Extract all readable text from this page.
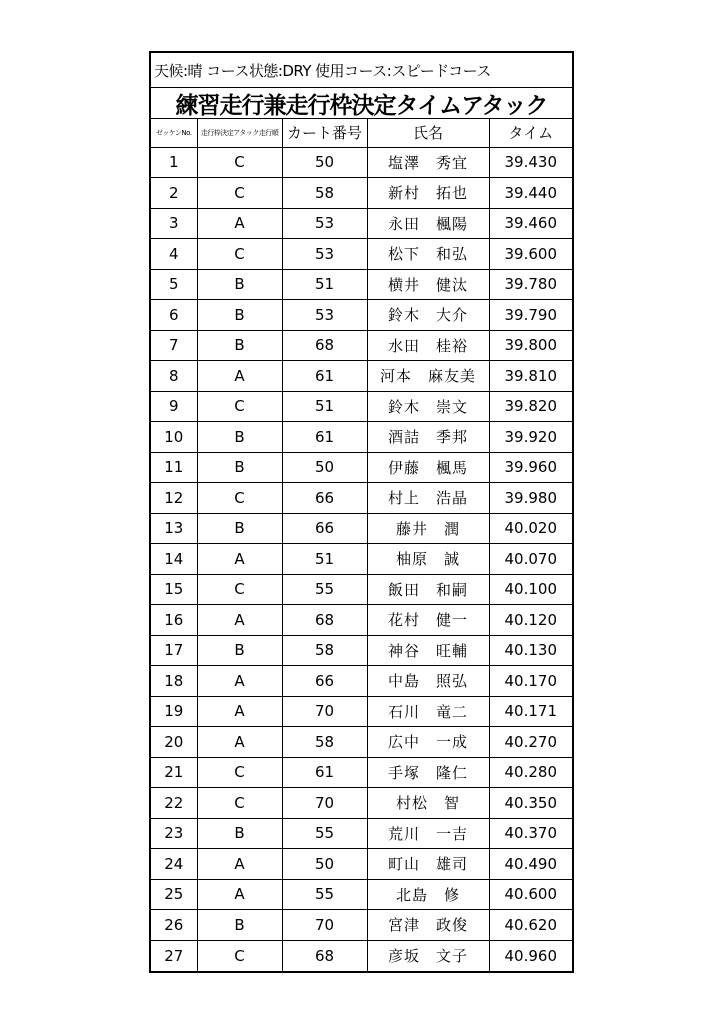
天候:晴 コース状態:DRY 使用コース:スピードコース
練習走行兼走行枠決定タイムアタック
ゼッケンNo.	走行枠決定アタック走行順	カート番号	氏名	タイム
1	C	50	塩澤　秀宜	39.430
2	C	58	新村　拓也	39.440
3	A	53	永田　楓陽	39.460
4	C	53	松下　和弘	39.600
5	B	51	横井　健汰	39.780
6	B	53	鈴木　大介	39.790
7	B	68	水田　桂裕	39.800
8	A	61	河本　麻友美	39.810
9	C	51	鈴木　崇文	39.820
10	B	61	酒詰　季邦	39.920
11	B	50	伊藤　楓馬	39.960
12	C	66	村上　浩晶	39.980
13	B	66	藤井　潤	40.020
14	A	51	柚原　誠	40.070
15	C	55	飯田　和嗣	40.100
16	A	68	花村　健一	40.120
17	B	58	神谷　旺輔	40.130
18	A	66	中島　照弘	40.170
19	A	70	石川　竜二	40.171
20	A	58	広中　一成	40.270
21	C	61	手塚　隆仁	40.280
22	C	70	村松　智	40.350
23	B	55	荒川　一吉	40.370
24	A	50	町山　雄司	40.490
25	A	55	北島　修	40.600
26	B	70	宮津　政俊	40.620
27	C	68	彦坂　文子	40.960
